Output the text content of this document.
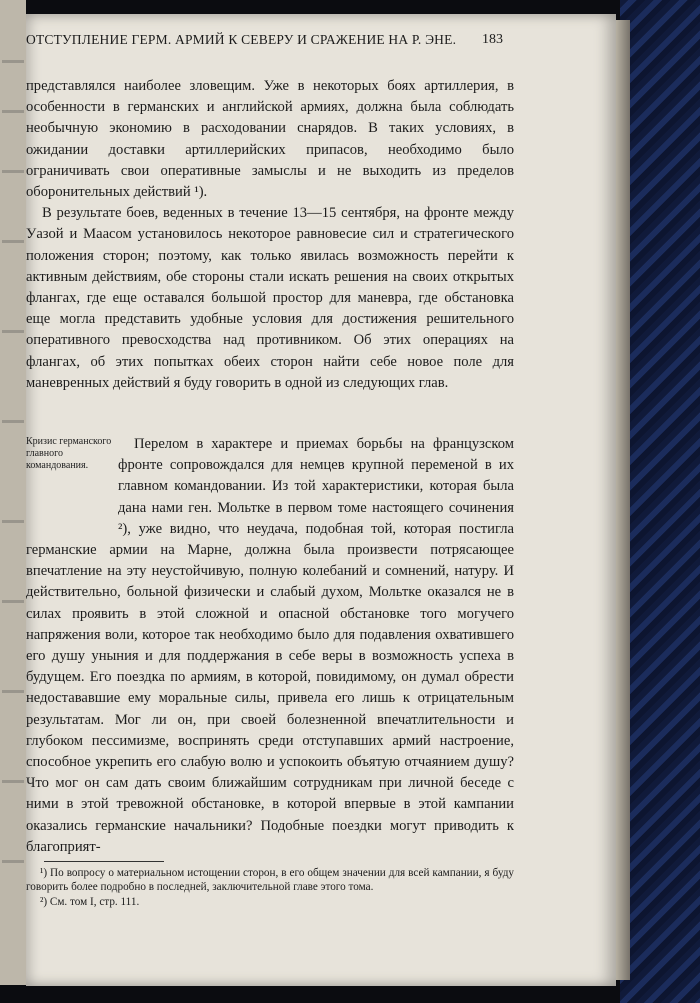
ОТСТУПЛЕНИЕ ГЕРМ. АРМИЙ К СЕВЕРУ И СРАЖЕНИЕ НА Р. ЭНЕ.	183

представлялся наиболее зловещим. Уже в некоторых боях артиллерия, в особенности в германских и английской армиях, должна была соблюдать необычную экономию в расходовании снарядов. В таких условиях, в ожидании доставки артиллерийских припасов, необходимо было ограничивать свои оперативные замыслы и не выходить из пределов оборонительных действий ¹).

В результате боев, веденных в течение 13—15 сентября, на фронте между Уазой и Маасом установилось некоторое равновесие сил и стратегического положения сторон; поэтому, как только явилась возможность перейти к активным действиям, обе стороны стали искать решения на своих открытых флангах, где еще оставался большой простор для маневра, где обстановка еще могла представить удобные условия для достижения решительного оперативного превосходства над противником. Об этих операциях на флангах, об этих попытках обеих сторон найти себе новое поле для маневренных действий я буду говорить в одной из следующих глав.

Кризис германского главного командования.

Перелом в характере и приемах борьбы на французском фронте сопровождался для немцев крупной переменой в их главном командовании. Из той характеристики, которая была дана нами ген. Мольтке в первом томе настоящего сочинения ²), уже видно, что неудача, подобная той, которая постигла германские армии на Марне, должна была произвести потрясающее впечатление на эту неустойчивую, полную колебаний и сомнений, натуру. И действительно, больной физически и слабый духом, Мольтке оказался не в силах проявить в этой сложной и опасной обстановке того могучего напряжения воли, которое так необходимо было для подавления охватившего его душу уныния и для поддержания в себе веры в возможность успеха в будущем. Его поездка по армиям, в которой, повидимому, он думал обрести недостававшие ему моральные силы, привела его лишь к отрицательным результатам. Мог ли он, при своей болезненной впечатлительности и глубоком пессимизме, воспринять среди отступавших армий настроение, способное укрепить его слабую волю и успокоить объятую отчаянием душу? Что мог он сам дать своим ближайшим сотрудникам при личной беседе с ними в этой тревожной обстановке, в которой впервые в этой кампании оказались германские начальники? Подобные поездки могут приводить к благоприят-

¹) По вопросу о материальном истощении сторон, в его общем значении для всей кампании, я буду говорить более подробно в последней, заключительной главе этого тома.

²) См. том I, стр. 111.
